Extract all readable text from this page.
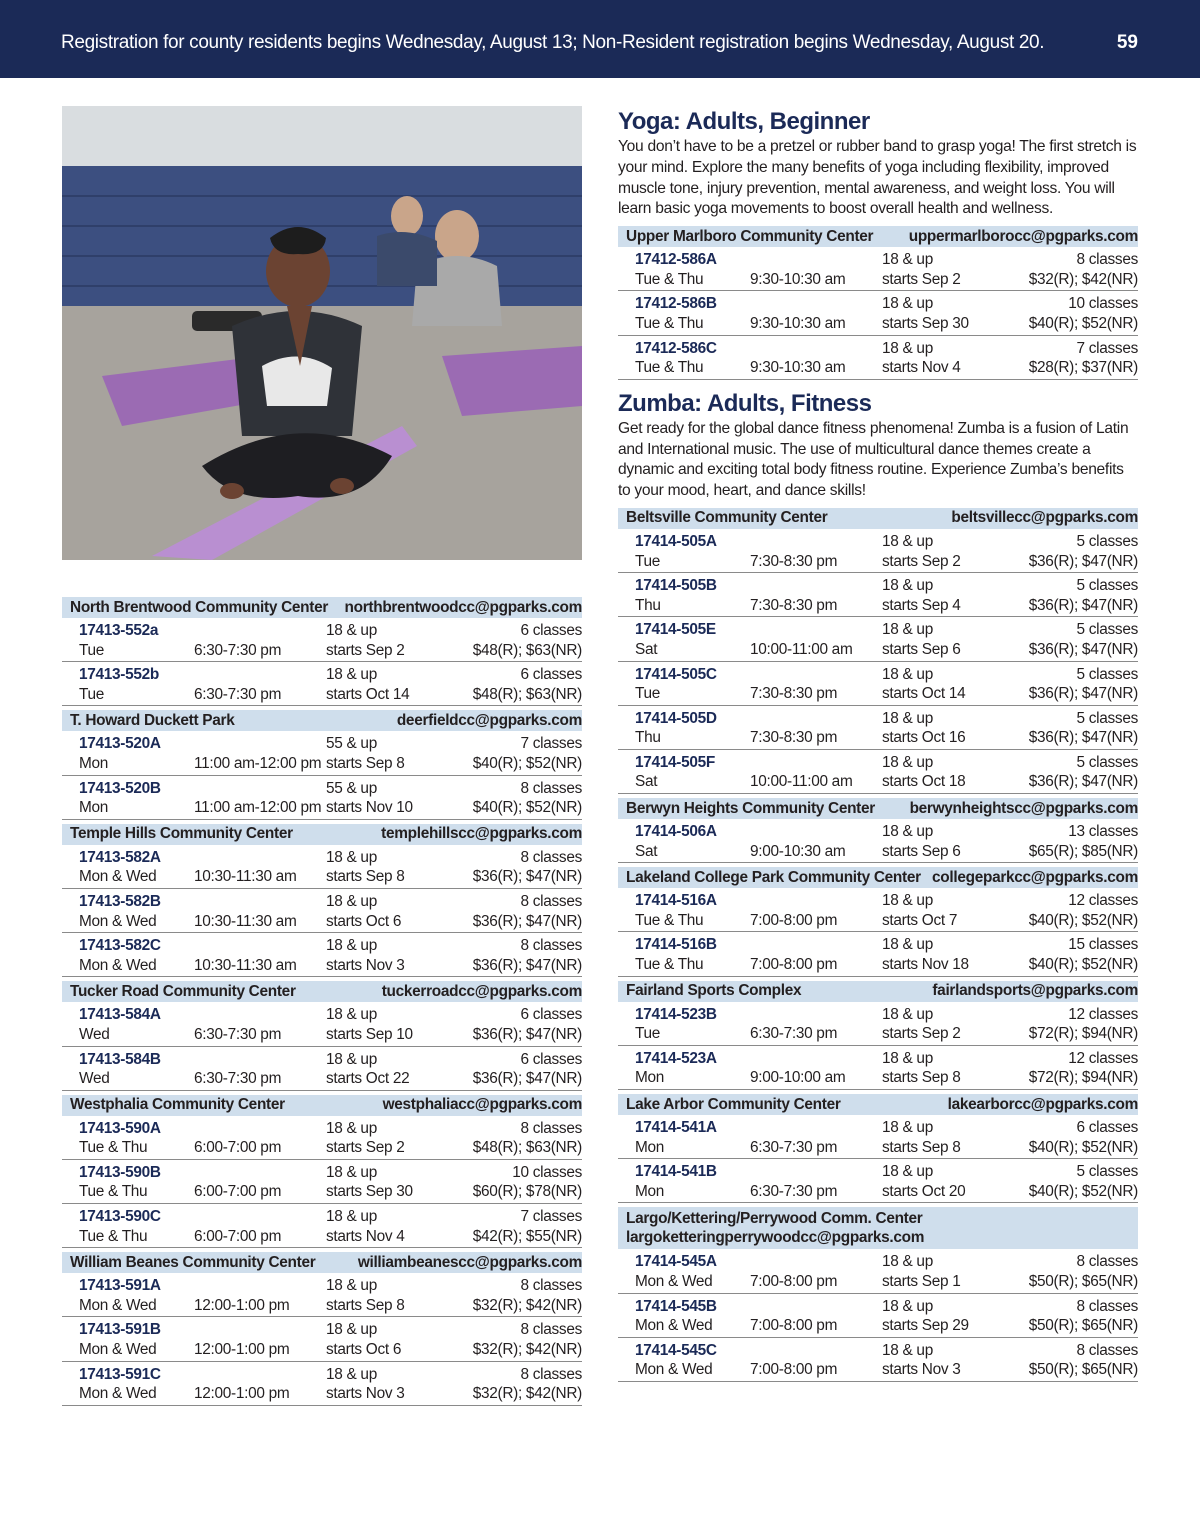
Registration for county residents begins Wednesday, August 13; Non-Resident registration begins Wednesday, August 20.	59
North Brentwood Community Center northbrentwoodcc@pgparks.com
17413-552a
Tue	6:30-7:30 pm
18 & up	6 classes
starts Sep 2	$48(R); $63(NR)
17413-552b
Tue	6:30-7:30 pm
18 & up	6 classes
starts Oct 14	$48(R); $63(NR)
T. Howard Duckett Park	deerfieldcc@pgparks.com
17413-520A
Mon	11:00 am-12:00 pm
55 & up	7 classes
starts Sep 8	$40(R); $52(NR)
17413-520B
Mon	11:00 am-12:00 pm
55 & up	8 classes
starts Nov 10	$40(R); $52(NR)
Temple Hills Community Center	templehillscc@pgparks.com
17413-582A
Mon & Wed	10:30-11:30 am
18 & up	8 classes
starts Sep 8	$36(R); $47(NR)
17413-582B
Mon & Wed	10:30-11:30 am
18 & up	8 classes
starts Oct 6	$36(R); $47(NR)
17413-582C
Mon & Wed	10:30-11:30 am
18 & up	8 classes
starts Nov 3	$36(R); $47(NR)
Tucker Road Community Center	tuckerroadcc@pgparks.com
17413-584A
Wed	6:30-7:30 pm
18 & up	6 classes
starts Sep 10	$36(R); $47(NR)
17413-584B
Wed	6:30-7:30 pm
18 & up	6 classes
starts Oct 22	$36(R); $47(NR)
Westphalia Community Center	westphaliacc@pgparks.com
17413-590A
Tue & Thu	6:00-7:00 pm
18 & up	8 classes
starts Sep 2	$48(R); $63(NR)
17413-590B
Tue & Thu	6:00-7:00 pm
18 & up	10 classes
starts Sep 30	$60(R); $78(NR)
17413-590C
Tue & Thu	6:00-7:00 pm
18 & up	7 classes
starts Nov 4	$42(R); $55(NR)
William Beanes Community Center	williambeanescc@pgparks.com
17413-591A
Mon & Wed	12:00-1:00 pm
18 & up	8 classes
starts Sep 8	$32(R); $42(NR)
17413-591B
Mon & Wed	12:00-1:00 pm
18 & up	8 classes
starts Oct 6	$32(R); $42(NR)
17413-591C
Mon & Wed	12:00-1:00 pm
18 & up	8 classes
starts Nov 3	$32(R); $42(NR)
Yoga: Adults, Beginner

You don’t have to be a pretzel or rubber band to grasp yoga! The first stretch is your mind. Explore the many benefits of yoga including flexibility, improved muscle tone, injury prevention, mental awareness, and weight loss. You will learn basic yoga movements to boost overall health and wellness.

Upper Marlboro Community Center uppermarlborocc@pgparks.com
17412-586A
Tue & Thu	9:30-10:30 am
18 & up	8 classes
starts Sep 2	$32(R); $42(NR)
17412-586B
Tue & Thu	9:30-10:30 am
18 & up	10 classes
starts Sep 30	$40(R); $52(NR)
17412-586C
Tue & Thu	9:30-10:30 am
18 & up	7 classes
starts Nov 4	$28(R); $37(NR)
Zumba: Adults, Fitness

Get ready for the global dance fitness phenomena! Zumba is a fusion of Latin and International music. The use of multicultural dance themes create a dynamic and exciting total body fitness routine. Experience Zumba’s benefits to your mood, heart, and dance skills!

Beltsville Community Center	beltsvillecc@pgparks.com
17414-505A
Tue	7:30-8:30 pm
18 & up	5 classes
starts Sep 2	$36(R); $47(NR)
17414-505B
Thu	7:30-8:30 pm
18 & up	5 classes
starts Sep 4	$36(R); $47(NR)
17414-505E
Sat	10:00-11:00 am
18 & up	5 classes
starts Sep 6	$36(R); $47(NR)
17414-505C
Tue	7:30-8:30 pm
18 & up	5 classes
starts Oct 14	$36(R); $47(NR)
17414-505D
Thu	7:30-8:30 pm
18 & up	5 classes
starts Oct 16	$36(R); $47(NR)
17414-505F
Sat	10:00-11:00 am
18 & up	5 classes
starts Oct 18	$36(R); $47(NR)
Berwyn Heights Community Center berwynheightscc@pgparks.com
17414-506A
Sat	9:00-10:30 am
18 & up	13 classes
starts Sep 6	$65(R); $85(NR)
Lakeland College Park Community Center collegeparkcc@pgparks.com
17414-516A
Tue & Thu	7:00-8:00 pm
18 & up	12 classes
starts Oct 7	$40(R); $52(NR)
17414-516B
Tue & Thu	7:00-8:00 pm
18 & up	15 classes
starts Nov 18	$40(R); $52(NR)
Fairland Sports Complex	fairlandsports@pgparks.com
17414-523B
Tue	6:30-7:30 pm
18 & up	12 classes
starts Sep 2	$72(R); $94(NR)
17414-523A
Mon	9:00-10:00 am
18 & up	12 classes
starts Sep 8	$72(R); $94(NR)
Lake Arbor Community Center	lakearborcc@pgparks.com
17414-541A
Mon	6:30-7:30 pm
18 & up	6 classes
starts Sep 8	$40(R); $52(NR)
17414-541B
Mon	6:30-7:30 pm
18 & up	5 classes
starts Oct 20	$40(R); $52(NR)
Largo/Kettering/Perrywood Comm. Center
largoketteringperrywoodcc@pgparks.com
17414-545A
Mon & Wed	7:00-8:00 pm
18 & up	8 classes
starts Sep 1	$50(R); $65(NR)
17414-545B
Mon & Wed	7:00-8:00 pm
18 & up	8 classes
starts Sep 29	$50(R); $65(NR)
17414-545C
Mon & Wed	7:00-8:00 pm
18 & up	8 classes
starts Nov 3	$50(R); $65(NR)
